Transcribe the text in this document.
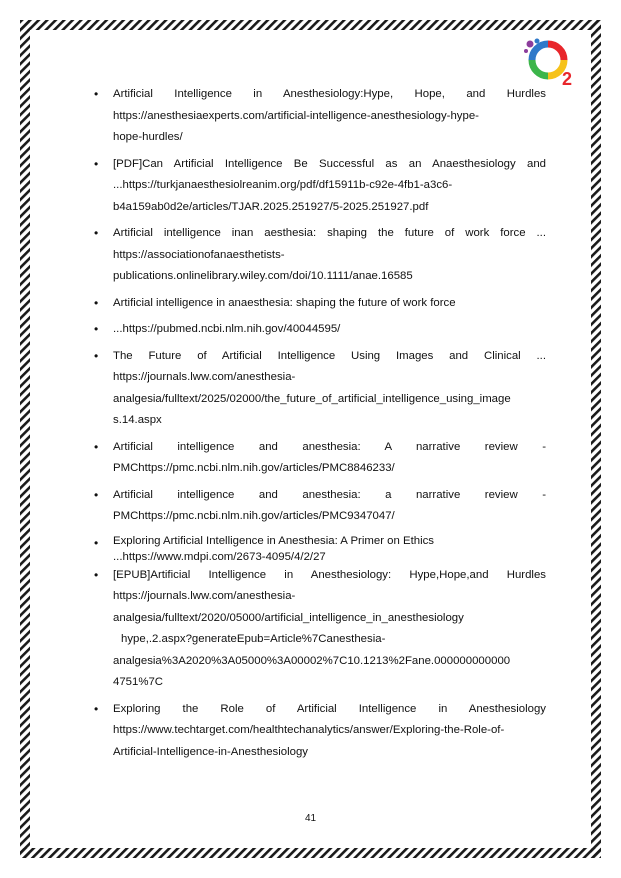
2
• Artificial Intelligence in Anesthesiology:Hype, Hope, and Hurdles
https://anesthesiaexperts.com/artificial-intelligence-anesthesiology-hype-
hope-hurdles/
• [PDF]Can Artificial Intelligence Be Successful as an Anaesthesiology and
...https://turkjanaesthesiolreanim.org/pdf/df15911b-c92e-4fb1-a3c6-
b4a159ab0d2e/articles/TJAR.2025.251927/5-2025.251927.pdf
• Artificial intelligence inan aesthesia: shaping the future of work force ...
https://associationofanaesthetists-
publications.onlinelibrary.wiley.com/doi/10.1111/anae.16585
• Artificial intelligence in anaesthesia: shaping the future of work force
• ...https://pubmed.ncbi.nlm.nih.gov/40044595/
• The Future of Artificial Intelligence Using Images and Clinical ...
https://journals.lww.com/anesthesia-
analgesia/fulltext/2025/02000/the_future_of_artificial_intelligence_using_image
s.14.aspx
• Artificial intelligence and anesthesia: A narrative review -
PMChttps://pmc.ncbi.nlm.nih.gov/articles/PMC8846233/
• Artificial intelligence and anesthesia: a narrative review -
PMChttps://pmc.ncbi.nlm.nih.gov/articles/PMC9347047/
• Exploring Artificial Intelligence in Anesthesia: A Primer on Ethics
...https://www.mdpi.com/2673-4095/4/2/27
• [EPUB]Artificial Intelligence in Anesthesiology: Hype,Hope,and Hurdles
https://journals.lww.com/anesthesia-
analgesia/fulltext/2020/05000/artificial_intelligence_in_anesthesiology
hype,.2.aspx?generateEpub=Article%7Canesthesia-
analgesia%3A2020%3A05000%3A00002%7C10.1213%2Fane.000000000000
4751%7C
• Exploring the Role of Artificial Intelligence in Anesthesiology
https://www.techtarget.com/healthtechanalytics/answer/Exploring-the-Role-of-
Artificial-Intelligence-in-Anesthesiology
41
